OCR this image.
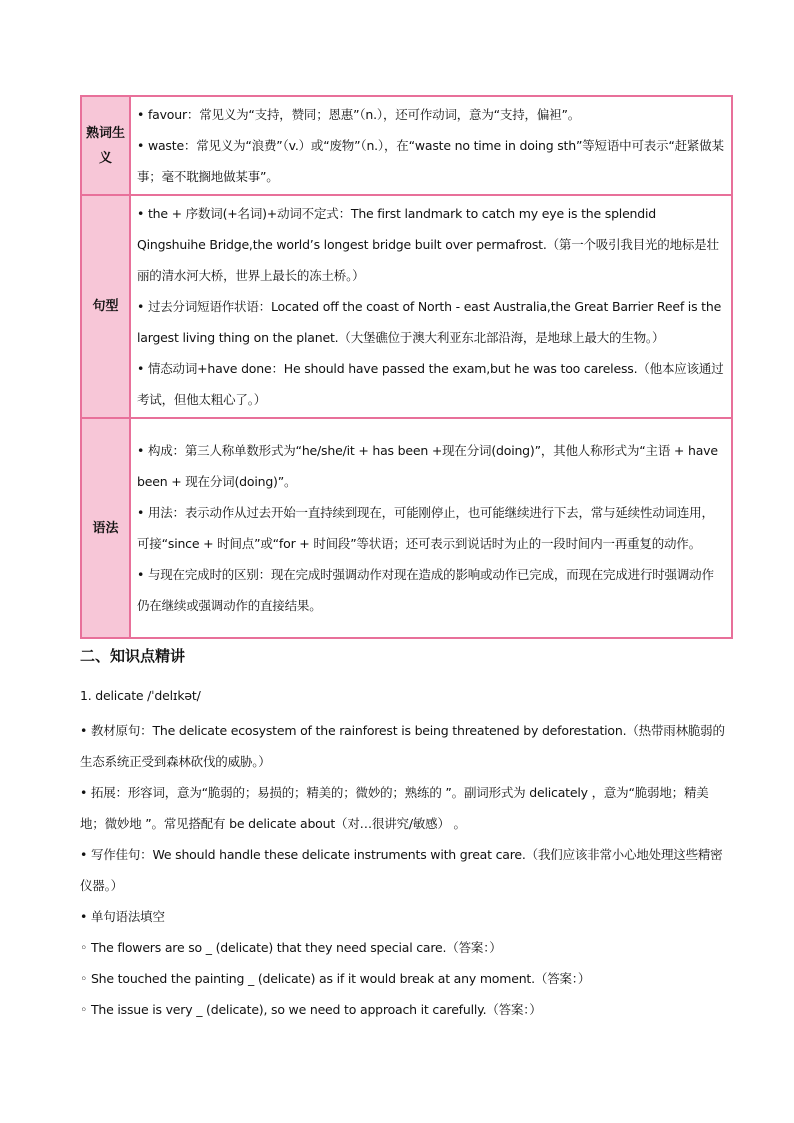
熟词生义	• favour：常见义为“支持，赞同；恩惠”（n.），还可作动词，意为“支持，偏袒”。

• waste：常见义为“浪费”（v.）或“废物”（n.），在“waste no time in doing sth”等短语中可表示“赶紧做某事；毫不耽搁地做某事”。

句型	• the + 序数词(+名词)+动词不定式：The first landmark to catch my eye is the splendid Qingshuihe Bridge,the world’s longest bridge built over permafrost.（第一个吸引我目光的地标是壮丽的清水河大桥，世界上最长的冻土桥。）

• 过去分词短语作状语：Located off the coast of North - east Australia,the Great Barrier Reef is the largest living thing on the planet.（大堡礁位于澳大利亚东北部沿海，是地球上最大的生物。）

• 情态动词+have done：He should have passed the exam,but he was too careless.（他本应该通过考试，但他太粗心了。）

语法	• 构成：第三人称单数形式为“he/she/it + has been +现在分词(doing)”，其他人称形式为“主语 + have been + 现在分词(doing)”。

• 用法：表示动作从过去开始一直持续到现在，可能刚停止，也可能继续进行下去，常与延续性动词连用，可接“since + 时间点”或“for + 时间段”等状语；还可表示到说话时为止的一段时间内一再重复的动作。

• 与现在完成时的区别：现在完成时强调动作对现在造成的影响或动作已完成，而现在完成进行时强调动作仍在继续或强调动作的直接结果。

二、知识点精讲
1. delicate /ˈdelɪkət/

• 教材原句：The delicate ecosystem of the rainforest is being threatened by deforestation.（热带雨林脆弱的生态系统正受到森林砍伐的威胁。）

• 拓展：形容词，意为“脆弱的；易损的；精美的；微妙的；熟练的 ”。副词形式为 delicately ，意为“脆弱地；精美地；微妙地 ”。常见搭配有 be delicate about（对…很讲究/敏感） 。

• 写作佳句：We should handle these delicate instruments with great care.（我们应该非常小心地处理这些精密仪器。）

• 单句语法填空

◦ The flowers are so _ (delicate) that they need special care.（答案：）

◦ She touched the painting _ (delicate) as if it would break at any moment.（答案：）

◦ The issue is very _ (delicate), so we need to approach it carefully.（答案：）
